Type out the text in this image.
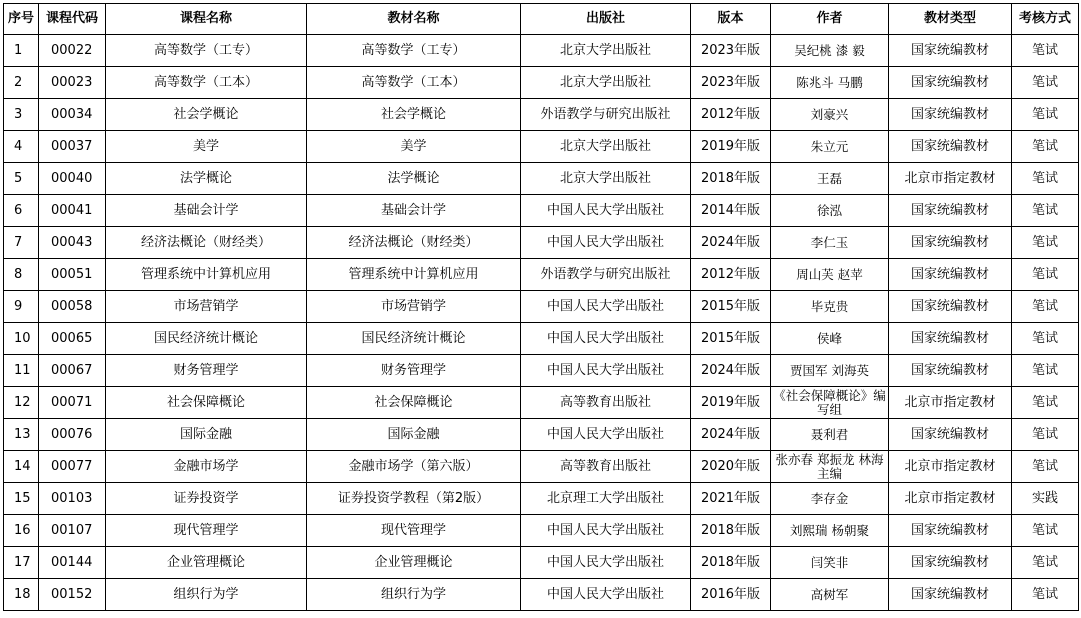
序号	课程代码	课程名称	教材名称	出版社	版本	作者	教材类型	考核方式
1	00022	高等数学（工专）	高等数学（工专）	北京大学出版社	2023年版	吴纪桃 漆 毅	国家统编教材	笔试
2	00023	高等数学（工本）	高等数学（工本）	北京大学出版社	2023年版	陈兆斗 马鹏	国家统编教材	笔试
3	00034	社会学概论	社会学概论	外语教学与研究出版社	2012年版	刘豪兴	国家统编教材	笔试
4	00037	美学	美学	北京大学出版社	2019年版	朱立元	国家统编教材	笔试
5	00040	法学概论	法学概论	北京大学出版社	2018年版	王磊	北京市指定教材	笔试
6	00041	基础会计学	基础会计学	中国人民大学出版社	2014年版	徐泓	国家统编教材	笔试
7	00043	经济法概论（财经类）	经济法概论（财经类）	中国人民大学出版社	2024年版	李仁玉	国家统编教材	笔试
8	00051	管理系统中计算机应用	管理系统中计算机应用	外语教学与研究出版社	2012年版	周山芙 赵苹	国家统编教材	笔试
9	00058	市场营销学	市场营销学	中国人民大学出版社	2015年版	毕克贵	国家统编教材	笔试
10	00065	国民经济统计概论	国民经济统计概论	中国人民大学出版社	2015年版	侯峰	国家统编教材	笔试
11	00067	财务管理学	财务管理学	中国人民大学出版社	2024年版	贾国军 刘海英	国家统编教材	笔试
12	00071	社会保障概论	社会保障概论	高等教育出版社	2019年版	《社会保障概论》编写组	北京市指定教材	笔试
13	00076	国际金融	国际金融	中国人民大学出版社	2024年版	聂利君	国家统编教材	笔试
14	00077	金融市场学	金融市场学（第六版）	高等教育出版社	2020年版	张亦春 郑振龙 林海主编	北京市指定教材	笔试
15	00103	证券投资学	证券投资学教程（第2版）	北京理工大学出版社	2021年版	李存金	北京市指定教材	实践
16	00107	现代管理学	现代管理学	中国人民大学出版社	2018年版	刘熙瑞 杨朝聚	国家统编教材	笔试
17	00144	企业管理概论	企业管理概论	中国人民大学出版社	2018年版	闫笑非	国家统编教材	笔试
18	00152	组织行为学	组织行为学	中国人民大学出版社	2016年版	高树军	国家统编教材	笔试
